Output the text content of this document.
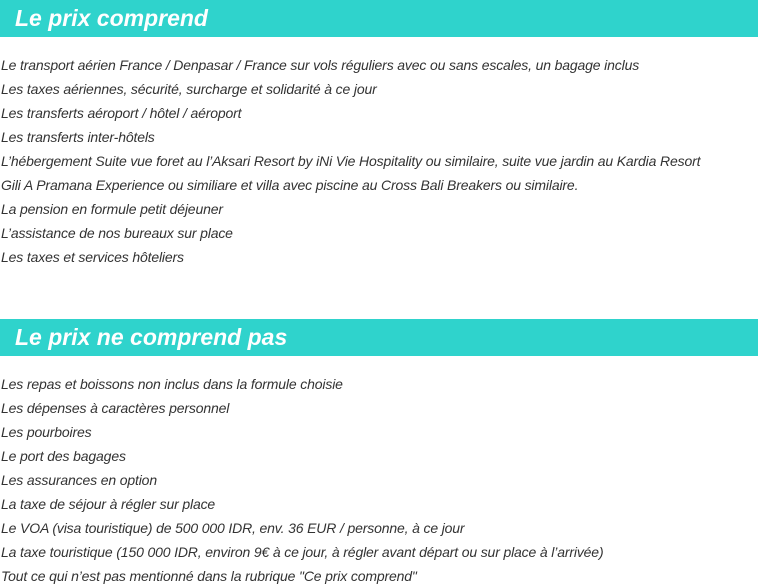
Le prix comprend
Le transport aérien France / Denpasar / France sur vols réguliers avec ou sans escales, un bagage inclus
Les taxes aériennes, sécurité, surcharge et solidarité à ce jour
Les transferts aéroport / hôtel / aéroport
Les transferts inter-hôtels
L’hébergement Suite vue foret au l’Aksari Resort by iNi Vie Hospitality ou similaire, suite vue jardin au Kardia Resort
Gili A Pramana Experience ou similiare et villa avec piscine au Cross Bali Breakers ou similaire.
La pension en formule petit déjeuner
L’assistance de nos bureaux sur place
Les taxes et services hôteliers
Le prix ne comprend pas
Les repas et boissons non inclus dans la formule choisie
Les dépenses à caractères personnel
Les pourboires
Le port des bagages
Les assurances en option
La taxe de séjour à régler sur place
Le VOA (visa touristique) de 500 000 IDR, env. 36 EUR / personne, à ce jour
La taxe touristique (150 000 IDR, environ 9€ à ce jour, à régler avant départ ou sur place à l’arrivée)
Tout ce qui n’est pas mentionné dans la rubrique "Ce prix comprend"
